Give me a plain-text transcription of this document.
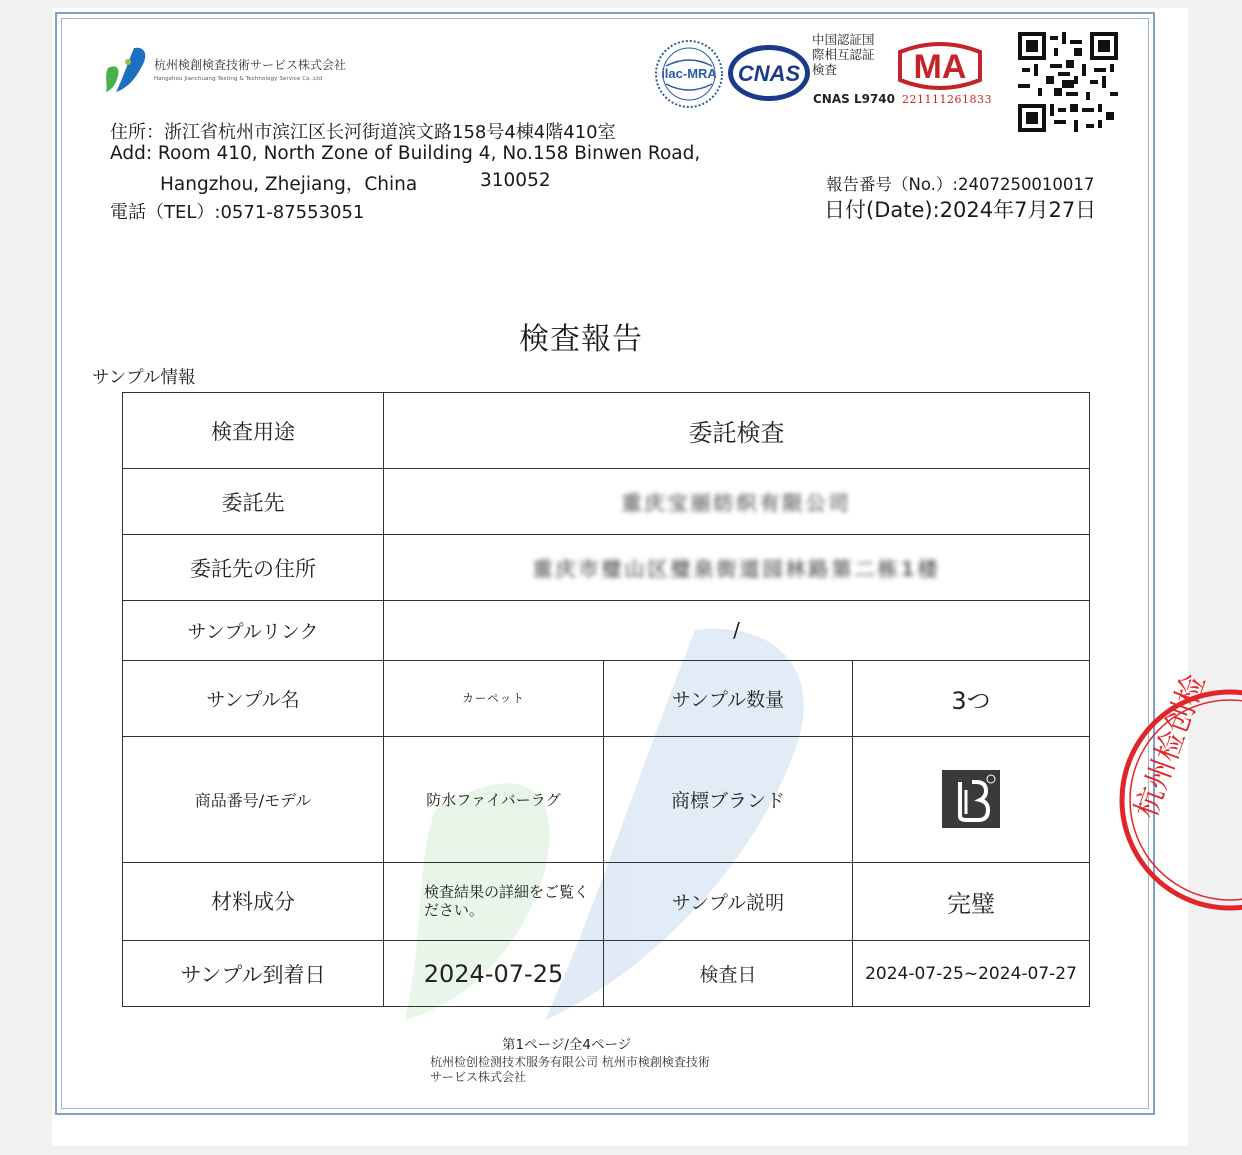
杭州検創検査技術サービス株式会社
Hangzhou Jianchuang Testing & Technology Service Co.,Ltd	ilac-MRA CNAS
中国認証国際相互認証検査
CNAS L9740
MA
221111261833
住所：浙江省杭州市滨江区长河街道滨文路158号4棟4階410室
Add: Room 410, North Zone of Building 4, No.158 Binwen Road,
Hangzhou, Zhejiang，China	310052
電話（TEL）:0571-87553051
報告番号（No.）:2407250010017
日付(Date):2024年7月27日
検査報告
サンプル情報
検査用途	委託検査		
委託先	重庆宝丽纺织有限公司		
委託先の住所	重庆市璧山区璧泉街道园林路第二栋1楼		
サンプルリンク	/		
サンプル名	カーペット	サンプル数量	3つ
商品番号/モデル	防水ファイバーラグ	商標ブランド	
材料成分	検査結果の詳細をご覧ください。	サンプル説明	完璧
サンプル到着日	2024-07-25	検査日	2024-07-25~2024-07-27
杭州检创检
第1ページ/全4ページ
杭州检创检测技术服务有限公司 杭州市検創検査技術
サービス株式会社
